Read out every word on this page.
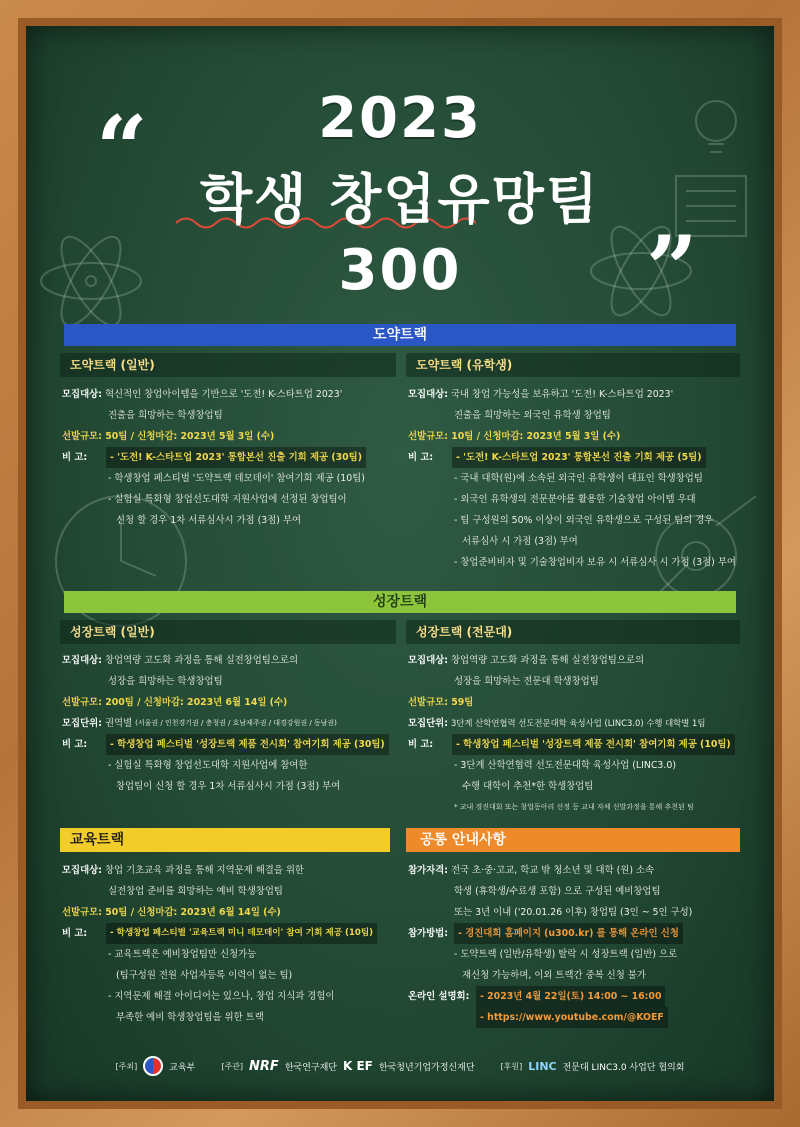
“
”
2023
학생 창업유망팀
300
도약트랙
도약트랙 (일반)	도약트랙 (유학생)
모집대상:
혁신적인 창업아이템을 기반으로 '도전! K-스타트업 2023'
진출을 희망하는 학생창업팀
선발규모: 50팀 / 신청마감: 2023년 5월 3일 (수)
비 고:	- '도전! K-스타트업 2023' 통합본선 진출 기회 제공 (30팀)
- 학생창업 페스티벌 '도약트랙 데모데이' 참여기회 제공 (10팀)
- 실험실 특화형 창업선도대학 지원사업에 선정된 창업팀이
신청 할 경우 1차 서류심사시 가점 (3점) 부여
모집대상:
국내 창업 가능성을 보유하고 '도전! K-스타트업 2023'
진출을 희망하는 외국인 유학생 창업팀
선발규모: 10팀 / 신청마감: 2023년 5월 3일 (수)
비 고:	- '도전! K-스타트업 2023' 통합본선 진출 기회 제공 (5팀)
- 국내 대학(원)에 소속된 외국인 유학생이 대표인 학생창업팀
- 외국인 유학생의 전문분야를 활용한 기술창업 아이템 우대
- 팀 구성원의 50% 이상이 외국인 유학생으로 구성된 팀의 경우
서류심사 시 가점 (3점) 부여
- 창업준비비자 및 기술창업비자 보유 시 서류심사 시 가점 (3점) 부여
성장트랙
성장트랙 (일반)	성장트랙 (전문대)
모집대상:
창업역량 고도화 과정을 통해 실전창업팀으로의
성장을 희망하는 학생창업팀
선발규모: 200팀 / 신청마감: 2023년 6월 14일 (수)
모집단위:
권역별
(서울권 / 인천경기권 / 충청권 / 호남제주권 / 대경강원권 / 동남권)
비 고:	- 학생창업 페스티벌 '성장트랙 제품 전시회' 참여기회 제공 (30팀)
- 실험실 특화형 창업선도대학 지원사업에 참여한
창업팀이 신청 할 경우 1차 서류심사시 가점 (3점) 부여
모집대상:
창업역량 고도화 과정을 통해 실전창업팀으로의
성장을 희망하는 전문대 학생창업팀
선발규모: 59팀
모집단위:
3단계 산학연협력 선도전문대학 육성사업 (LINC3.0) 수행 대학별 1팀
비 고:	- 학생창업 페스티벌 '성장트랙 제품 전시회' 참여기회 제공 (10팀)
- 3단계 산학연협력 선도전문대학 육성사업 (LINC3.0)
수행 대학이 추천*한 학생창업팀
* 교내 경진대회 또는 창업동아리 선정 등 교내 자체 선발과정을 통해 추천된 팀
교육트랙	공통 안내사항
모집대상:
창업 기초교육 과정을 통해 지역문제 해결을 위한
실전창업 준비를 희망하는 예비 학생창업팀
선발규모: 50팀 / 신청마감: 2023년 6월 14일 (수)
비 고:	- 학생창업 페스티벌 '교육트랙 미니 데모데이' 참여 기회 제공 (10팀)
- 교육트랙은 예비창업팀만 신청가능
(팀구성원 전원 사업자등록 이력이 없는 팀)
- 지역문제 해결 아이디어는 있으나, 창업 지식과 경험이
부족한 예비 학생창업팀을 위한 트랙
참가자격:
전국 초·중·고교, 학교 밖 청소년 및 대학 (원) 소속
학생 (휴학생/수료생 포함) 으로 구성된 예비창업팀
또는 3년 이내 ('20.01.26 이후) 창업팀 (3인 ~ 5인 구성)
참가방법:	- 경진대회 홈페이지 (u300.kr) 를 통해 온라인 신청
- 도약트랙 (일반/유학생) 탈락 시 성장트랙 (일반) 으로
재신청 가능하며, 이외 트랙간 중복 신청 불가
온라인 설명회:	- 2023년 4월 22일(토) 14:00 ~ 16:00
- https://www.youtube.com/@KOEF
[주최]	교육부	[주관] NRF 한국연구재단 K EF 한국청년기업가정신재단	[후원] LINC 전문대 LINC3.0 사업단 협의회
